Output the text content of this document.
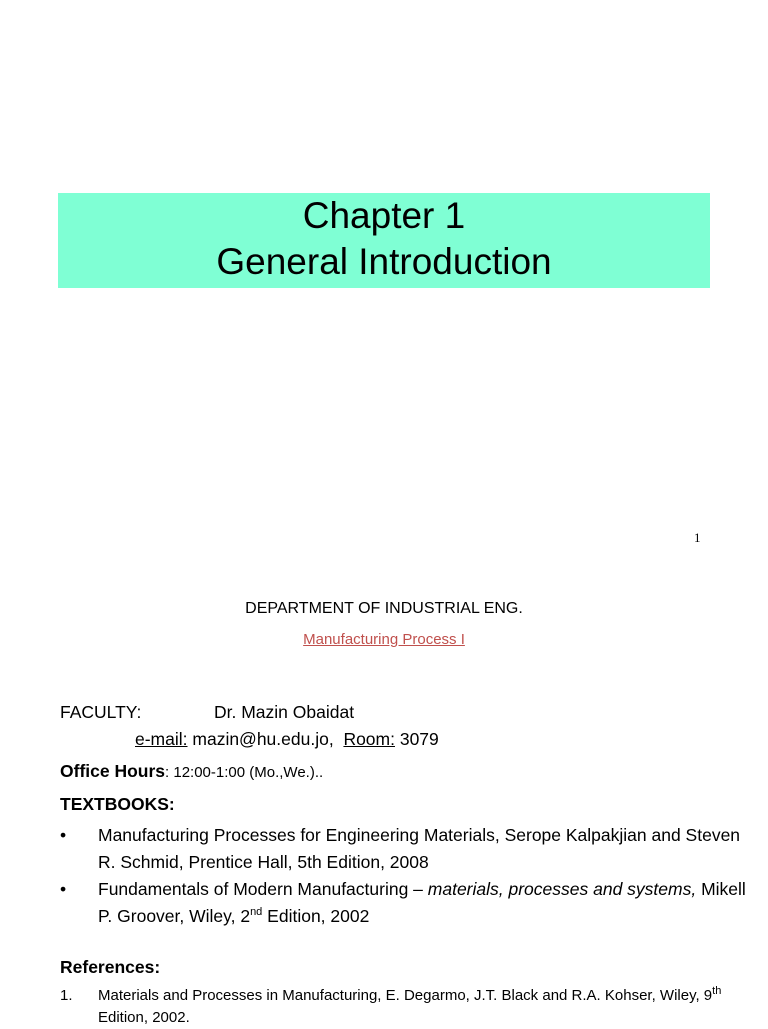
Chapter 1
General Introduction
1
DEPARTMENT OF INDUSTRIAL ENG.
Manufacturing Process I
FACULTY:	Dr. Mazin Obaidat
e-mail: mazin@hu.edu.jo, Room: 3079
Office Hours: 12:00-1:00 (Mo.,We.)..
TEXTBOOKS:
• Manufacturing Processes for Engineering Materials, Serope Kalpakjian and Steven R. Schmid, Prentice Hall, 5th Edition, 2008
• Fundamentals of Modern Manufacturing – materials, processes and systems, Mikell P. Groover, Wiley, 2nd Edition, 2002
References:
1. Materials and Processes in Manufacturing, E. Degarmo, J.T. Black and R.A. Kohser, Wiley, 9th Edition, 2002.
